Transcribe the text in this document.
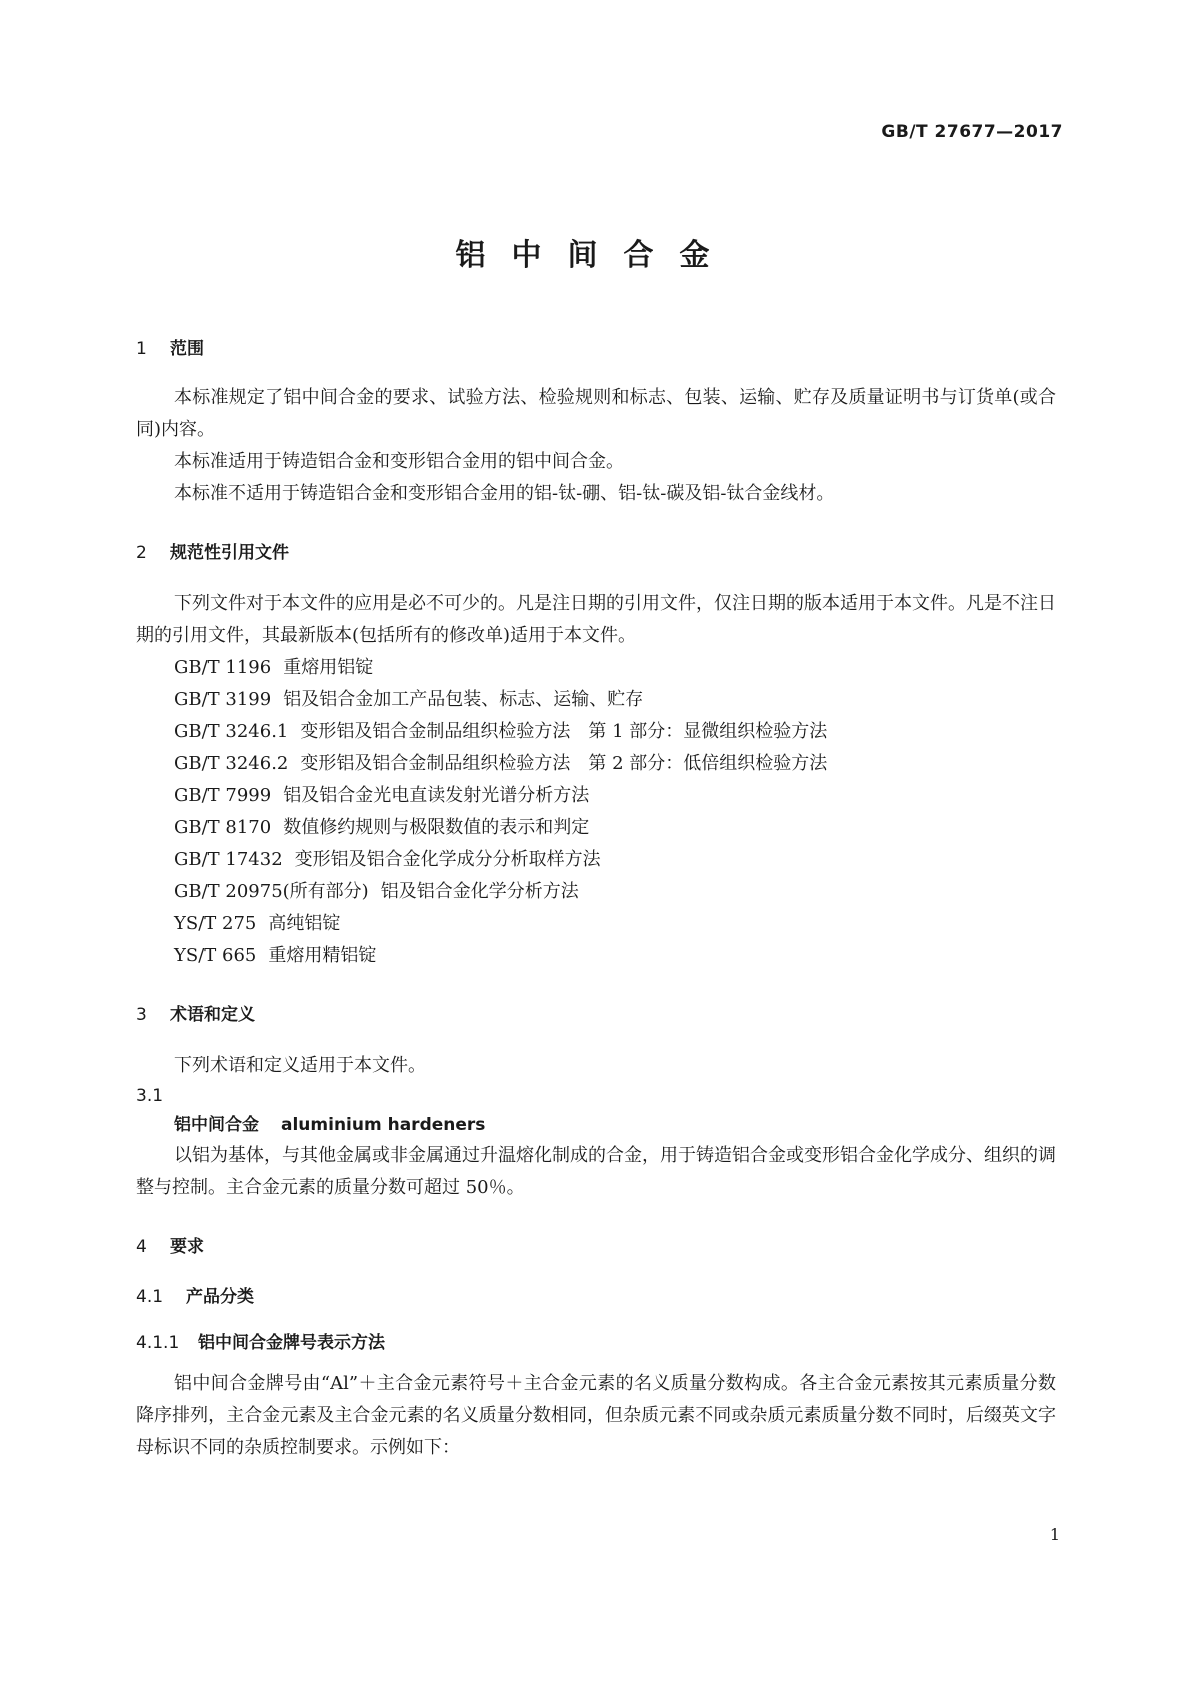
GB/T 27677—2017
铝中间合金
1 范围
本标准规定了铝中间合金的要求、试验方法、检验规则和标志、包装、运输、贮存及质量证明书与订货单(或合同)内容。
本标准适用于铸造铝合金和变形铝合金用的铝中间合金。
本标准不适用于铸造铝合金和变形铝合金用的铝-钛-硼、铝-钛-碳及铝-钛合金线材。
2 规范性引用文件
下列文件对于本文件的应用是必不可少的。凡是注日期的引用文件，仅注日期的版本适用于本文件。凡是不注日期的引用文件，其最新版本(包括所有的修改单)适用于本文件。
GB/T 1196 重熔用铝锭
GB/T 3199 铝及铝合金加工产品包装、标志、运输、贮存
GB/T 3246.1 变形铝及铝合金制品组织检验方法　第 1 部分：显微组织检验方法
GB/T 3246.2 变形铝及铝合金制品组织检验方法　第 2 部分：低倍组织检验方法
GB/T 7999 铝及铝合金光电直读发射光谱分析方法
GB/T 8170 数值修约规则与极限数值的表示和判定
GB/T 17432 变形铝及铝合金化学成分分析取样方法
GB/T 20975(所有部分) 铝及铝合金化学分析方法
YS/T 275 高纯铝锭
YS/T 665 重熔用精铝锭
3 术语和定义
下列术语和定义适用于本文件。
3.1
铝中间合金 aluminium hardeners
以铝为基体，与其他金属或非金属通过升温熔化制成的合金，用于铸造铝合金或变形铝合金化学成分、组织的调整与控制。主合金元素的质量分数可超过 50％。
4 要求
4.1 产品分类
4.1.1 铝中间合金牌号表示方法
铝中间合金牌号由“Al”＋主合金元素符号＋主合金元素的名义质量分数构成。各主合金元素按其元素质量分数降序排列，主合金元素及主合金元素的名义质量分数相同，但杂质元素不同或杂质元素质量分数不同时，后缀英文字母标识不同的杂质控制要求。示例如下：
1
